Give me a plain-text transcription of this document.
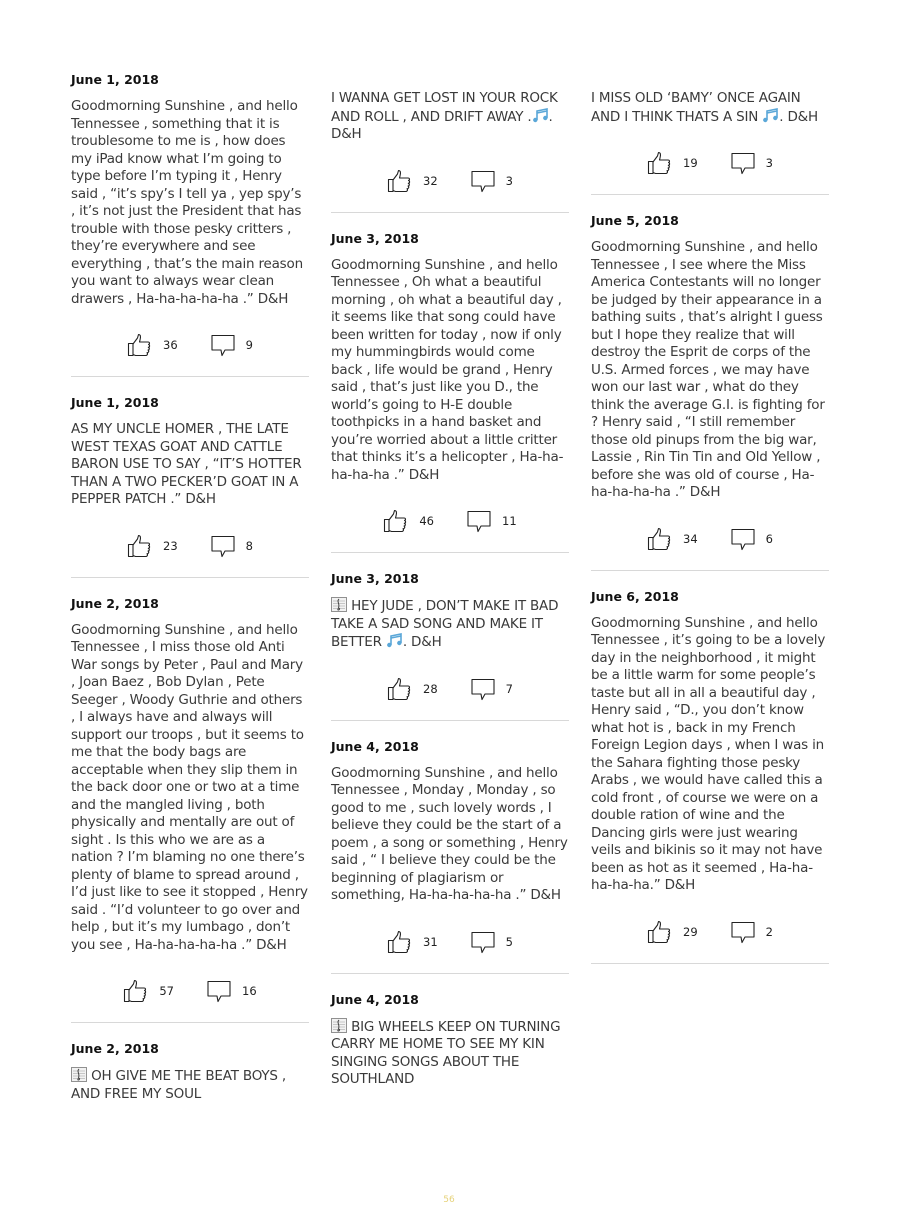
June 1, 2018

Goodmorning Sunshine , and hello Tennessee , something that it is troublesome to me is , how does my iPad know what I’m going to type before I’m typing it , Henry said , “it’s spy’s I tell ya , yep spy’s , it’s not just the President that has trouble with those pesky critters , they’re everywhere and see everything , that’s the main reason you want to always wear clean drawers , Ha-ha-ha-ha-ha .” D&H

36	9
June 1, 2018

AS MY UNCLE HOMER , THE LATE WEST TEXAS GOAT AND CATTLE BARON USE TO SAY , “IT’S HOTTER THAN A TWO PECKER’D GOAT IN A PEPPER PATCH .” D&H

23	8
June 2, 2018

Goodmorning Sunshine , and hello Tennessee , I miss those old Anti War songs by Peter , Paul and Mary , Joan Baez , Bob Dylan , Pete Seeger , Woody Guthrie and others , I always have and always will support our troops , but it seems to me that the body bags are acceptable when they slip them in the back door one or two at a time and the mangled living , both physically and mentally are out of sight . Is this who we are as a nation ? I’m blaming no one there’s plenty of blame to spread around , I’d just like to see it stopped , Henry said . “I’d volunteer to go over and help , but it’s my lumbago , don’t you see , Ha-ha-ha-ha-ha .” D&H

57	16
June 2, 2018

OH GIVE ME THE BEAT BOYS , AND FREE MY SOUL

I WANNA GET LOST IN YOUR ROCK AND ROLL , AND DRIFT AWAY . . D&H

32	3
June 3, 2018

Goodmorning Sunshine , and hello Tennessee , Oh what a beautiful morning , oh what a beautiful day , it seems like that song could have been written for today , now if only my hummingbirds would come back , life would be grand , Henry said , that’s just like you D., the world’s going to H-E double toothpicks in a hand basket and you’re worried about a little critter that thinks it’s a helicopter , Ha-ha-ha-ha-ha .” D&H

46	11
June 3, 2018

HEY JUDE , DON’T MAKE IT BAD TAKE A SAD SONG AND MAKE IT BETTER . D&H

28	7
June 4, 2018

Goodmorning Sunshine , and hello Tennessee , Monday , Monday , so good to me , such lovely words , I believe they could be the start of a poem , a song or something , Henry said , “ I believe they could be the beginning of plagiarism or something, Ha-ha-ha-ha-ha .” D&H

31	5
June 4, 2018

BIG WHEELS KEEP ON TURNING CARRY ME HOME TO SEE MY KIN SINGING SONGS ABOUT THE SOUTHLAND

I MISS OLD ‘BAMY’ ONCE AGAIN AND I THINK THATS A SIN . D&H

19	3
June 5, 2018

Goodmorning Sunshine , and hello Tennessee , I see where the Miss America Contestants will no longer be judged by their appearance in a bathing suits , that’s alright I guess but I hope they realize that will destroy the Esprit de corps of the U.S. Armed forces , we may have won our last war , what do they think the average G.I. is fighting for ? Henry said , “I still remember those old pinups from the big war, Lassie , Rin Tin Tin and Old Yellow , before she was old of course , Ha-ha-ha-ha-ha .” D&H

34	6
June 6, 2018

Goodmorning Sunshine , and hello Tennessee , it’s going to be a lovely day in the neighborhood , it might be a little warm for some people’s taste but all in all a beautiful day , Henry said , “D., you don’t know what hot is , back in my French Foreign Legion days , when I was in the Sahara fighting those pesky Arabs , we would have called this a cold front , of course we were on a double ration of wine and the Dancing girls were just wearing veils and bikinis so it may not have been as hot as it seemed , Ha-ha-ha-ha-ha.” D&H

29	2
56
